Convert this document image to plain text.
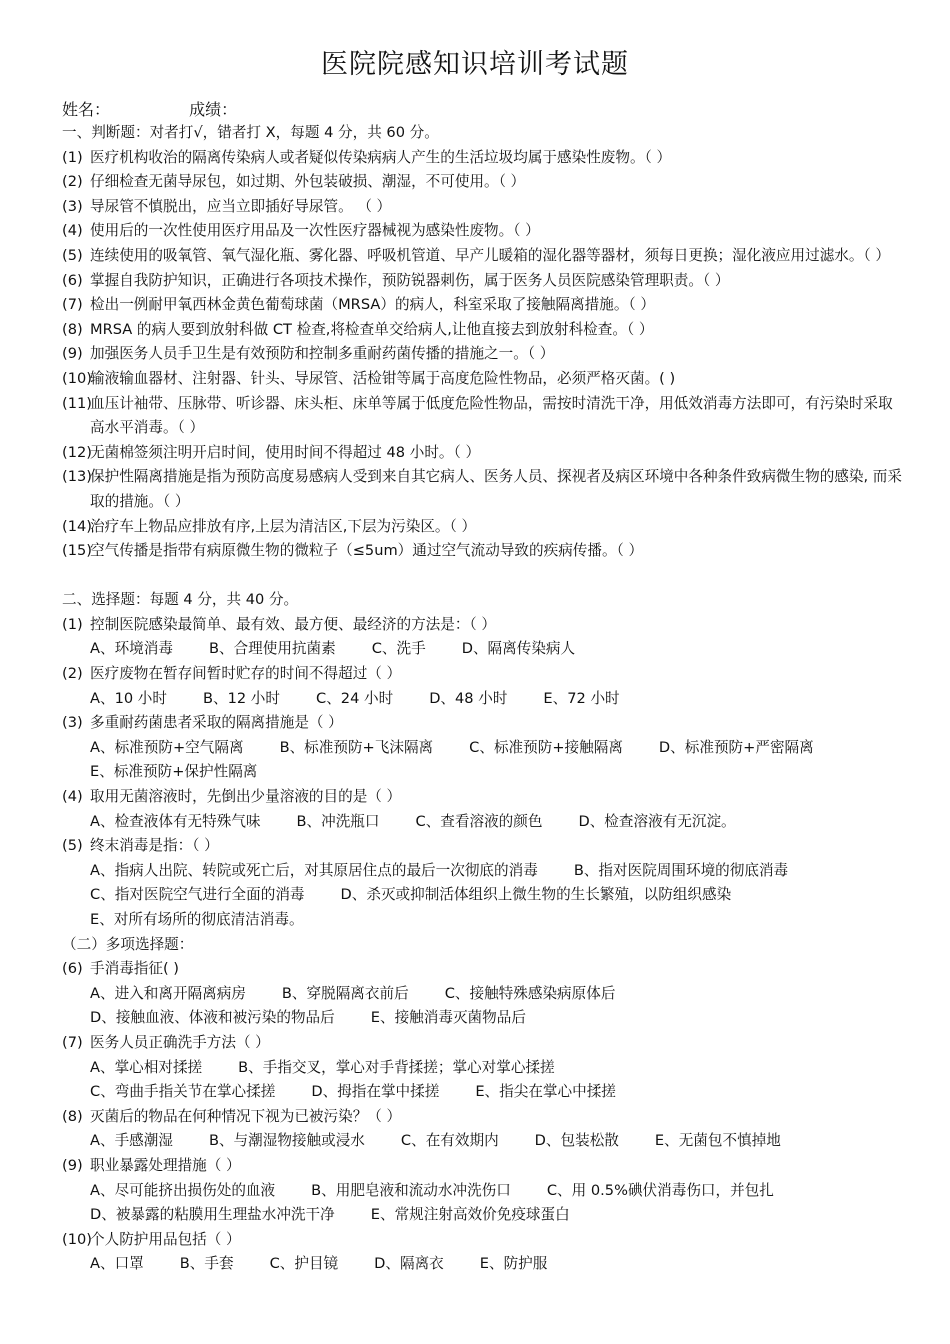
医院院感知识培训考试题
姓名：	成绩：
一、判断题：对者打√，错者打 X，每题 4 分，共 60 分。
(1) 医疗机构收治的隔离传染病人或者疑似传染病病人产生的生活垃圾均属于感染性废物。（ ）
(2) 仔细检查无菌导尿包，如过期、外包装破损、潮湿，不可使用。（ ）
(3) 导尿管不慎脱出，应当立即插好导尿管。 （ ）
(4) 使用后的一次性使用医疗用品及一次性医疗器械视为感染性废物。（ ）
(5) 连续使用的吸氧管、氧气湿化瓶、雾化器、呼吸机管道、早产儿暖箱的湿化器等器材，须每日更换；湿化液应用过滤水。（ ）
(6) 掌握自我防护知识，正确进行各项技术操作，预防锐器刺伤，属于医务人员医院感染管理职责。（ ）
(7) 检出一例耐甲氧西林金黄色葡萄球菌（MRSA）的病人，科室采取了接触隔离措施。（ ）
(8) MRSA 的病人要到放射科做 CT 检查,将检查单交给病人,让他直接去到放射科检查。（ ）
(9) 加强医务人员手卫生是有效预防和控制多重耐药菌传播的措施之一。（ ）
(10)
输液输血器材、注射器、针头、导尿管、活检钳等属于高度危险性物品，必须严格灭菌。( )
(11)
血压计袖带、压脉带、听诊器、床头柜、床单等属于低度危险性物品，需按时清洗干净，用低效消毒方法即可，有污染时采取高水平消毒。（ ）
(12)
无菌棉签须注明开启时间，使用时间不得超过 48 小时。（ ）
(13)
保护性隔离措施是指为预防高度易感病人受到来自其它病人、医务人员、探视者及病区环境中各种条件致病微生物的感染, 而采取的措施。（ ）
(14)
治疗车上物品应排放有序,上层为清洁区,下层为污染区。（ ）
(15)
空气传播是指带有病原微生物的微粒子（≤5um）通过空气流动导致的疾病传播。（ ）
二、选择题：每题 4 分，共 40 分。
(1) 控制医院感染最简单、最有效、最方便、最经济的方法是：（ ）
A、环境消毒 B、合理使用抗菌素 C、洗手 D、隔离传染病人
(2) 医疗废物在暂存间暂时贮存的时间不得超过（ ）
A、10 小时 B、12 小时 C、24 小时 D、48 小时 E、72 小时
(3) 多重耐药菌患者采取的隔离措施是（ ）
A、标准预防+空气隔离 B、标准预防+飞沫隔离 C、标准预防+接触隔离 D、标准预防+严密隔离
E、标准预防+保护性隔离
(4) 取用无菌溶液时，先倒出少量溶液的目的是（ ）
A、检查液体有无特殊气味 B、冲洗瓶口 C、查看溶液的颜色 D、检查溶液有无沉淀。
(5) 终末消毒是指：（ ）
A、指病人出院、转院或死亡后，对其原居住点的最后一次彻底的消毒 B、指对医院周围环境的彻底消毒
C、指对医院空气进行全面的消毒 D、杀灭或抑制活体组织上微生物的生长繁殖，以防组织感染
E、对所有场所的彻底清洁消毒。
（二）多项选择题：
(6) 手消毒指征( )
A、进入和离开隔离病房 B、穿脱隔离衣前后 C、接触特殊感染病原体后
D、接触血液、体液和被污染的物品后 E、接触消毒灭菌物品后
(7) 医务人员正确洗手方法（ ）
A、掌心相对揉搓 B、手指交叉，掌心对手背揉搓；掌心对掌心揉搓
C、弯曲手指关节在掌心揉搓 D、拇指在掌中揉搓 E、指尖在掌心中揉搓
(8) 灭菌后的物品在何种情况下视为已被污染？（ ）
A、手感潮湿 B、与潮湿物接触或浸水 C、在有效期内 D、包装松散 E、无菌包不慎掉地
(9) 职业暴露处理措施（ ）
A、尽可能挤出损伤处的血液 B、用肥皂液和流动水冲洗伤口 C、用 0.5%碘伏消毒伤口，并包扎
D、被暴露的粘膜用生理盐水冲洗干净 E、常规注射高效价免疫球蛋白
(10)
个人防护用品包括（ ）
A、口罩 B、手套 C、护目镜 D、隔离衣 E、防护服
